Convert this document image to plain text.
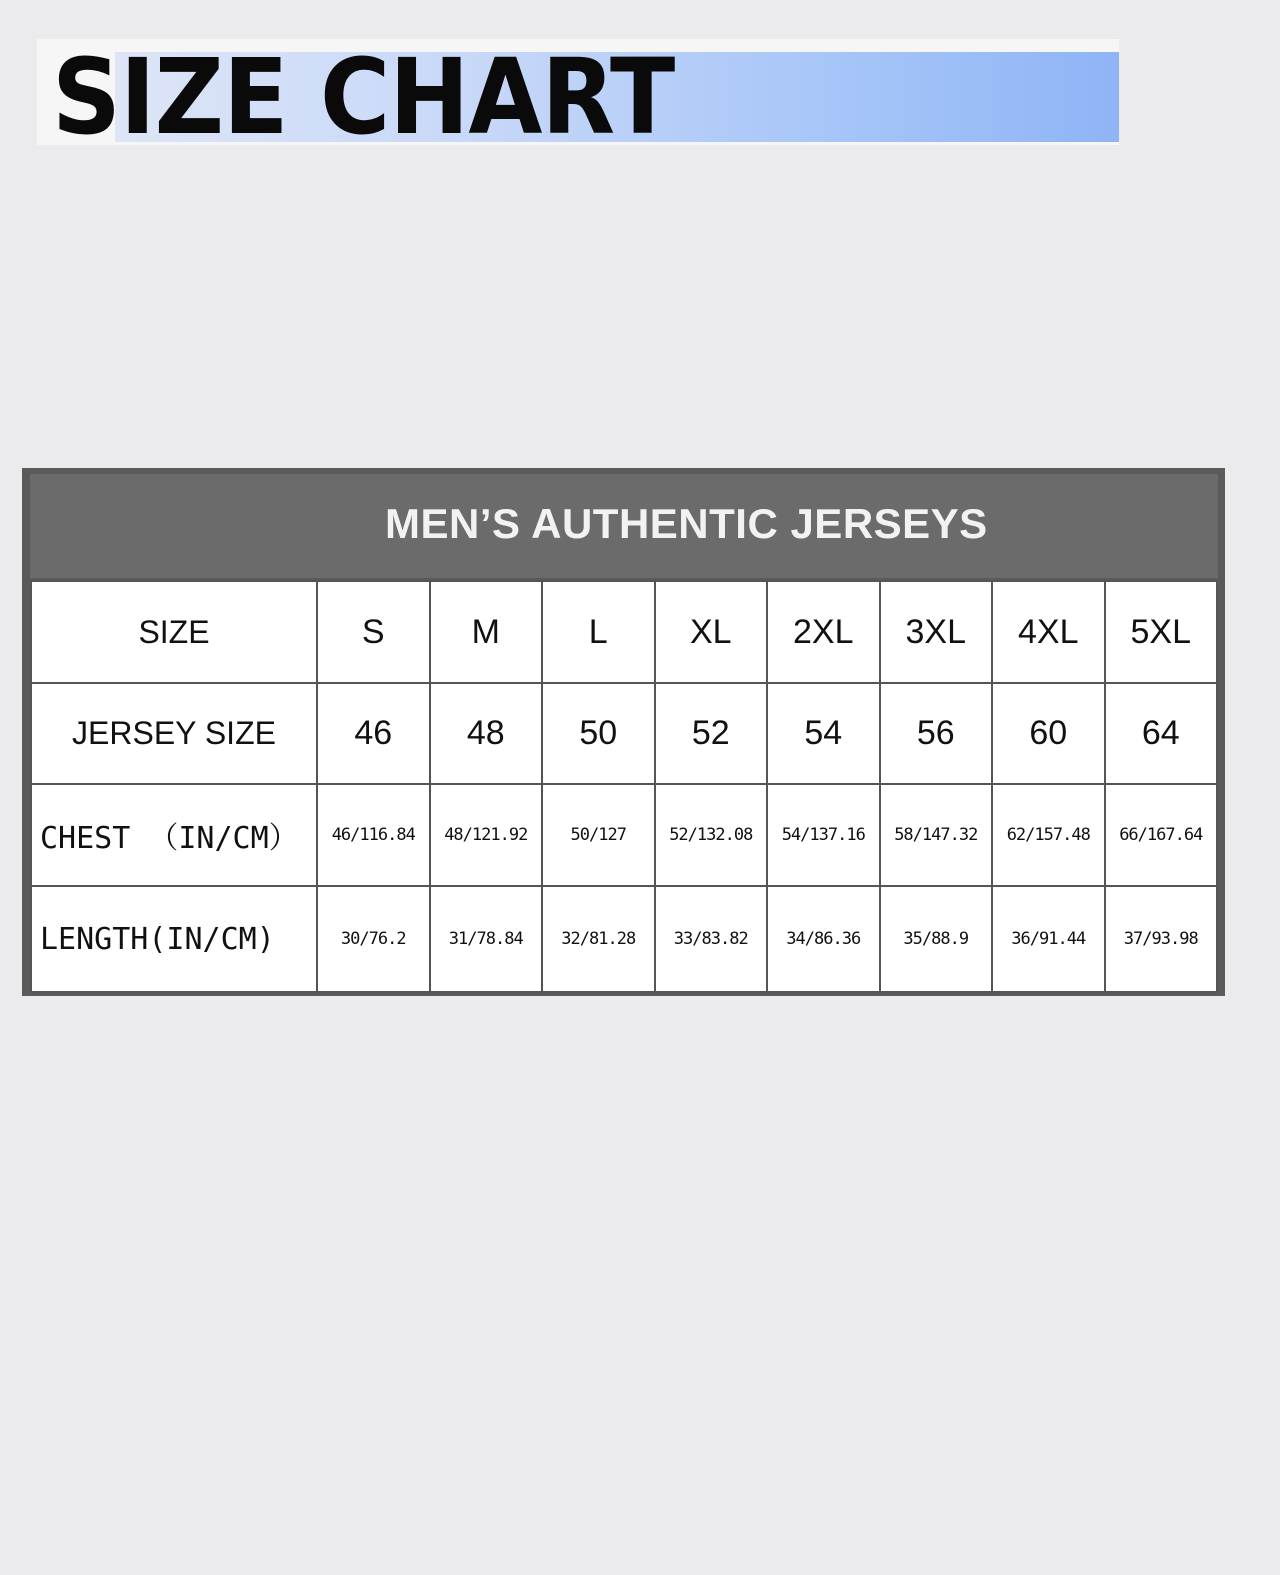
SIZE CHART
MEN’S AUTHENTIC JERSEYS
SIZE	S	M	L	XL	2XL	3XL	4XL	5XL
JERSEY SIZE	46	48	50	52	54	56	60	64
CHEST （IN/CM）	46/116.84	48/121.92	50/127	52/132.08	54/137.16	58/147.32	62/157.48	66/167.64
LENGTH(IN/CM)	30/76.2	31/78.84	32/81.28	33/83.82	34/86.36	35/88.9	36/91.44	37/93.98
